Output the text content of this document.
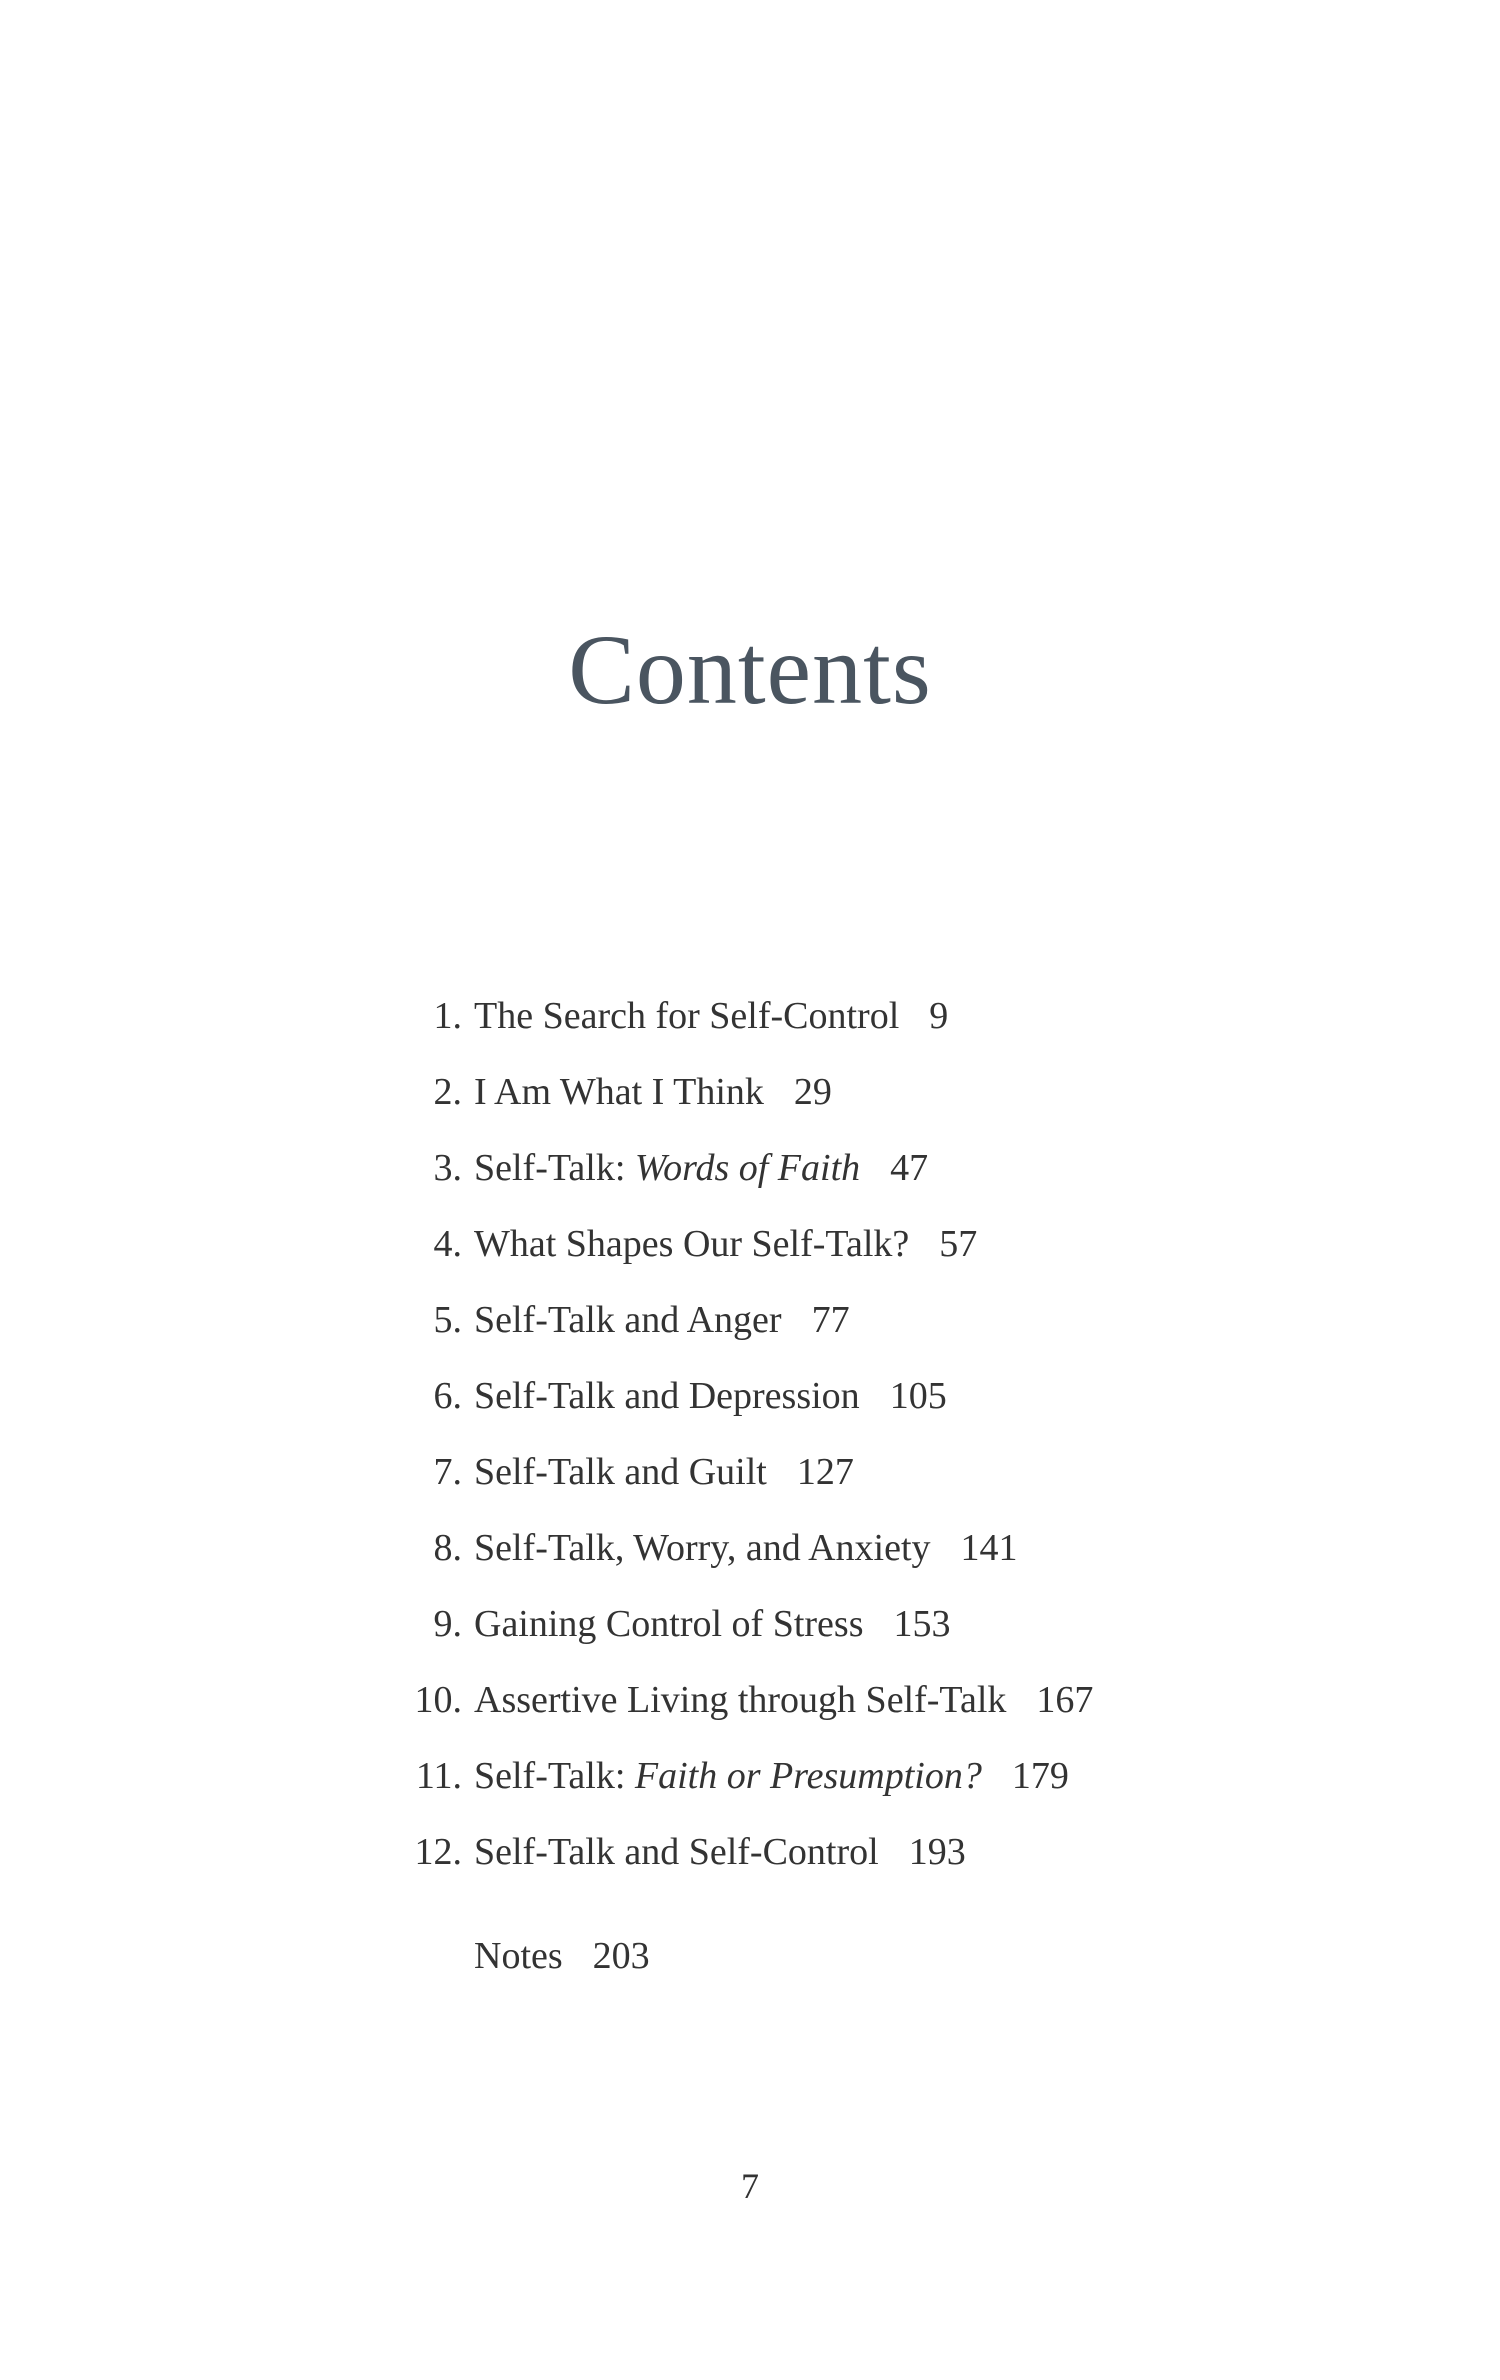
Contents
1. The Search for Self-Control 9
2. I Am What I Think 29
3. Self-Talk: Words of Faith 47
4. What Shapes Our Self-Talk? 57
5. Self-Talk and Anger 77
6. Self-Talk and Depression 105
7. Self-Talk and Guilt 127
8. Self-Talk, Worry, and Anxiety 141
9. Gaining Control of Stress 153
10. Assertive Living through Self-Talk 167
11. Self-Talk: Faith or Presumption? 179
12. Self-Talk and Self-Control 193
Notes 203
7
